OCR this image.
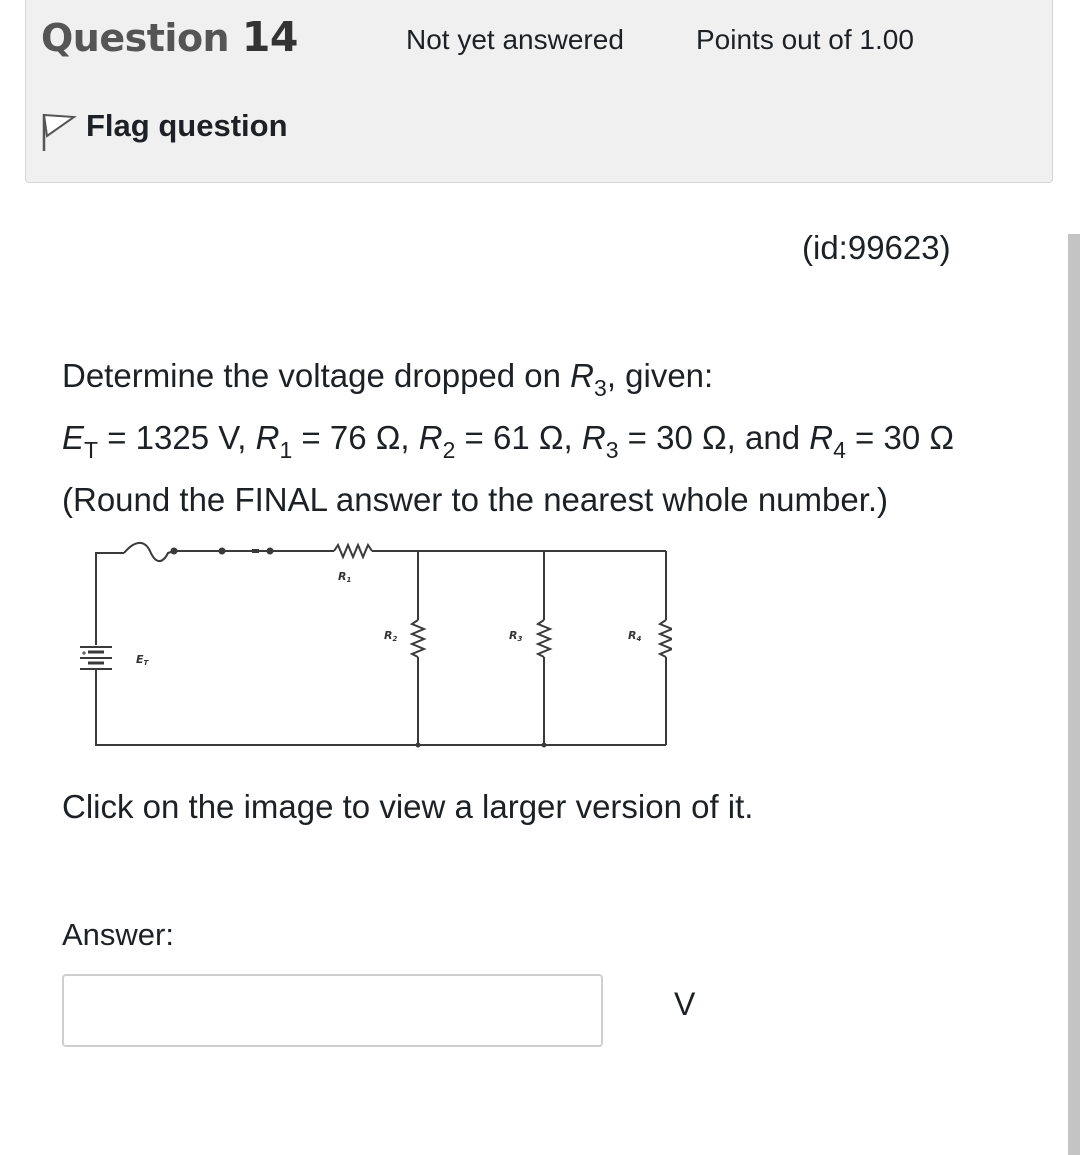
Question 14	Not yet answered	Points out of 1.00
Flag question
(id:99623)
Determine the voltage dropped on $R_3$, given:
$E_T = 1325$ V, $R_1 = 76$ Ω, $R_2 = 61$ Ω, $R_3 = 30$ Ω, and $R_4 = 30$ Ω
(Round the FINAL answer to the nearest whole number.)
R1
R2	R3	R4
ET
Click on the image to view a larger version of it.
Answer:
V
